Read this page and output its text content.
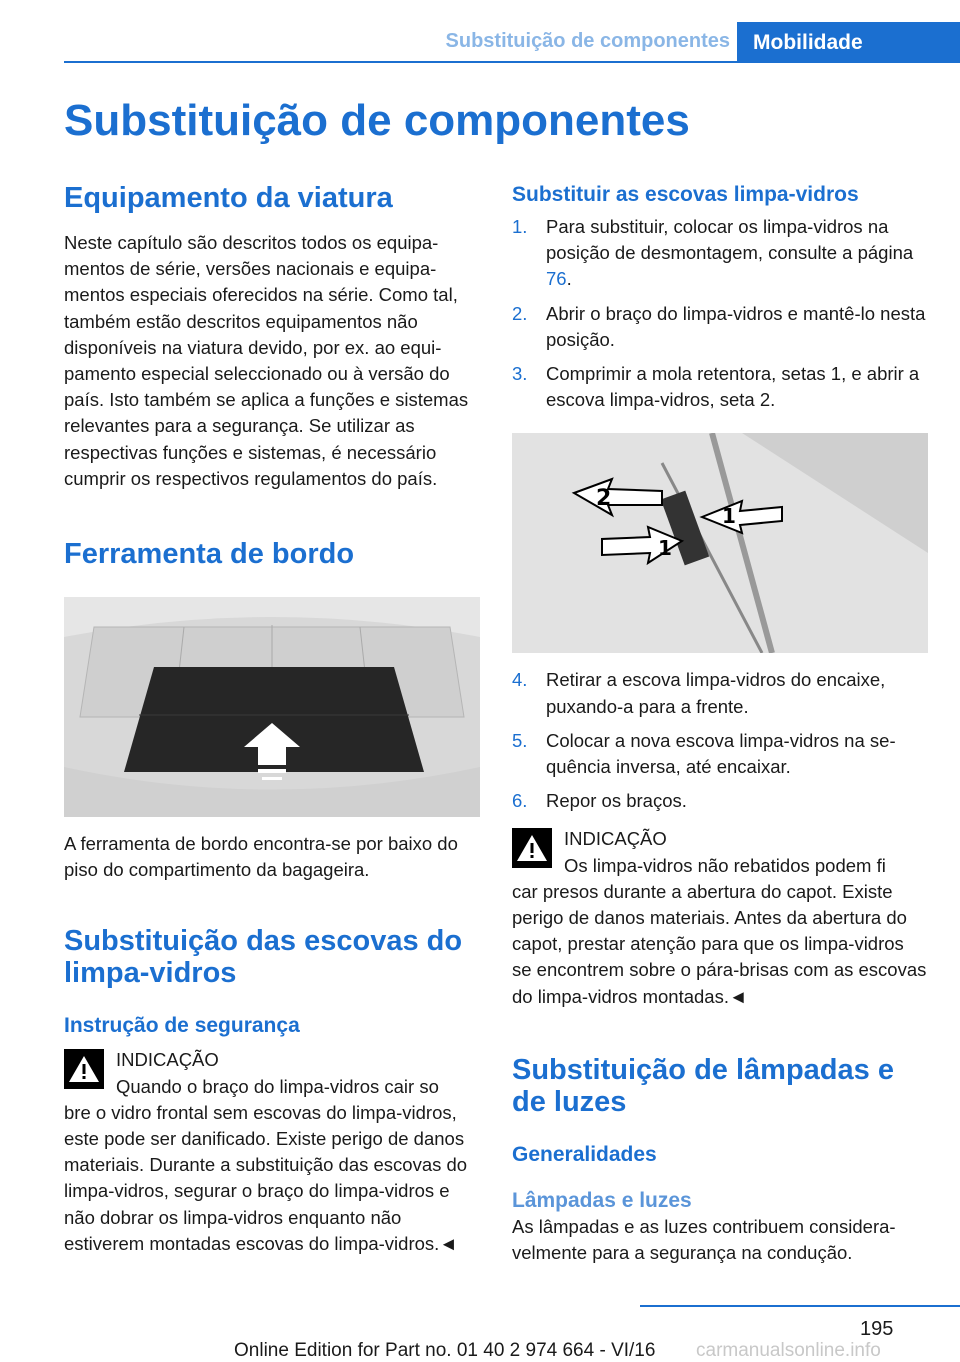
Substituição de componentes Mobilidade
Substituição de componentes
Equipamento da viatura

Neste capítulo são descritos todos os equipamentos de série, versões nacionais e equipamentos especiais oferecidos na série. Como tal, também estão descritos equipamentos não disponíveis na viatura devido, por ex. ao equipamento especial seleccionado ou à versão do país. Isto também se aplica a funções e sistemas relevantes para a segurança. Se utilizar as respectivas funções e sistemas, é necessário cumprir os respectivos regulamentos do país.

Ferramenta de bordo

A ferramenta de bordo encontra-se por baixo do piso do compartimento da bagageira.

Substituição das escovas do limpa-vidros
Instrução de segurança
INDICAÇÃO
Quando o braço do limpa-vidros cair so

bre o vidro frontal sem escovas do limpa-vidros, este pode ser danificado. Existe perigo de danos materiais. Durante a substituição das escovas do limpa-vidros, segurar o braço do limpa-vidros e não dobrar os limpa-vidros enquanto não estiverem montadas escovas do limpa-vidros.◄

Substituir as escovas limpa-vidros
1. Para substituir, colocar os limpa-vidros na posição de desmontagem, consulte a página 76.
2. Abrir o braço do limpa-vidros e mantê-lo nesta posição.
3. Comprimir a mola retentora, setas 1, e abrir a escova limpa-vidros, seta 2.
2
1
1
4. Retirar a escova limpa-vidros do encaixe, puxando-a para a frente.
5. Colocar a nova escova limpa-vidros na sequência inversa, até encaixar.
6. Repor os braços.
INDICAÇÃO
Os limpa-vidros não rebatidos podem fi

car presos durante a abertura do capot. Existe perigo de danos materiais. Antes da abertura do capot, prestar atenção para que os limpa-vidros se encontrem sobre o pára-brisas com as escovas do limpa-vidros montadas.◄

Substituição de lâmpadas e de luzes
Generalidades
Lâmpadas e luzes

As lâmpadas e as luzes contribuem consideravelmente para a segurança na condução.

195
Online Edition for Part no. 01 40 2 974 664 - VI/16 carmanualsonline.info
